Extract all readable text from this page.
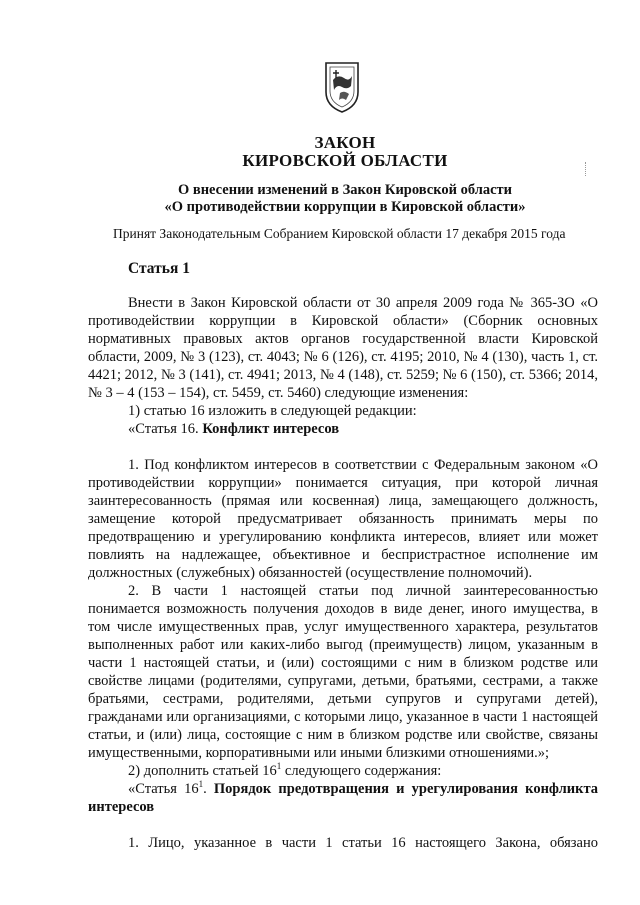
ЗАКОН
КИРОВСКОЙ ОБЛАСТИ
О внесении изменений в Закон Кировской области
«О противодействии коррупции в Кировской области»
Принят Законодательным Собранием Кировской области 17 декабря 2015 года
Статья 1

Внести в Закон Кировской области от 30 апреля 2009 года № 365-ЗО «О противодействии коррупции в Кировской области» (Сборник основных нормативных правовых актов органов государственной власти Кировской области, 2009, № 3 (123), ст. 4043; № 6 (126), ст. 4195; 2010, № 4 (130), часть 1, ст. 4421; 2012, № 3 (141), ст. 4941; 2013, № 4 (148), ст. 5259; № 6 (150), ст. 5366; 2014, № 3 – 4 (153 – 154), ст. 5459, ст. 5460) следующие изменения:

1) статью 16 изложить в следующей редакции:

«Статья 16. Конфликт интересов

1. Под конфликтом интересов в соответствии с Федеральным законом «О противодействии коррупции» понимается ситуация, при которой личная заинтересованность (прямая или косвенная) лица, замещающего должность, замещение которой предусматривает обязанность принимать меры по предотвращению и урегулированию конфликта интересов, влияет или может повлиять на надлежащее, объективное и беспристрастное исполнение им должностных (служебных) обязанностей (осуществление полномочий).

2. В части 1 настоящей статьи под личной заинтересованностью понимается возможность получения доходов в виде денег, иного имущества, в том числе имущественных прав, услуг имущественного характера, результатов выполненных работ или каких-либо выгод (преимуществ) лицом, указанным в части 1 настоящей статьи, и (или) состоящими с ним в близком родстве или свойстве лицами (родителями, супругами, детьми, братьями, сестрами, а также братьями, сестрами, родителями, детьми супругов и супругами детей), гражданами или организациями, с которыми лицо, указанное в части 1 настоящей статьи, и (или) лица, состоящие с ним в близком родстве или свойстве, связаны имущественными, корпоративными или иными близкими отношениями.»;

2) дополнить статьей $16^1$ следующего содержания:

«Статья $16^1$. Порядок предотвращения и урегулирования конфликта интересов

1. Лицо, указанное в части 1 статьи 16 настоящего Закона, обязано
